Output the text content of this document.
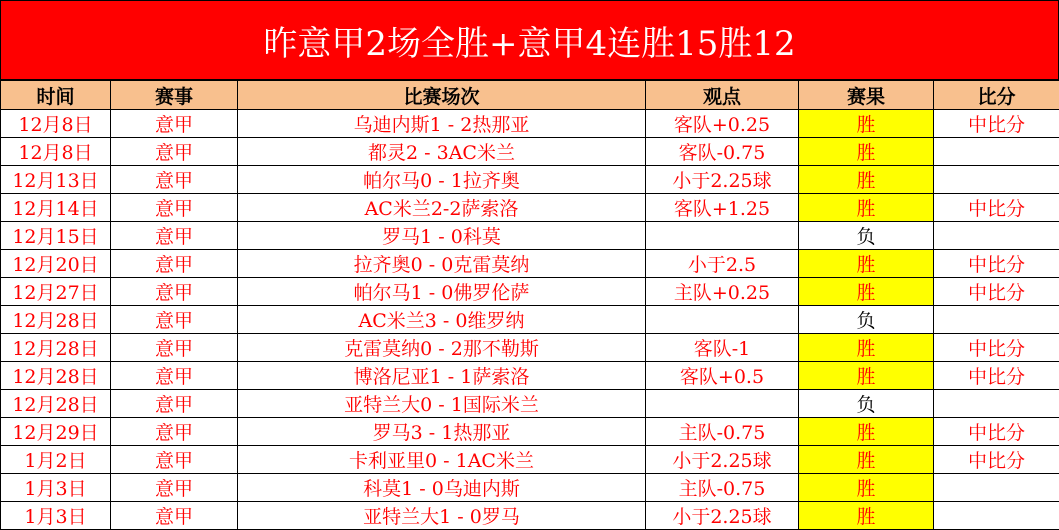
昨意甲2场全胜+意甲4连胜15胜12
时间	赛事	比赛场次	观点	赛果	比分
12月8日	意甲	乌迪内斯1 - 2热那亚	客队+0.25	胜	中比分
12月8日	意甲	都灵2 - 3AC米兰	客队-0.75	胜	
12月13日	意甲	帕尔马0 - 1拉齐奥	小于2.25球	胜	
12月14日	意甲	AC米兰2-2萨索洛	客队+1.25	胜	中比分
12月15日	意甲	罗马1 - 0科莫		负	
12月20日	意甲	拉齐奥0 - 0克雷莫纳	小于2.5	胜	中比分
12月27日	意甲	帕尔马1 - 0佛罗伦萨	主队+0.25	胜	中比分
12月28日	意甲	AC米兰3 - 0维罗纳		负	
12月28日	意甲	克雷莫纳0 - 2那不勒斯	客队-1	胜	中比分
12月28日	意甲	博洛尼亚1 - 1萨索洛	客队+0.5	胜	中比分
12月28日	意甲	亚特兰大0 - 1国际米兰		负	
12月29日	意甲	罗马3 - 1热那亚	主队-0.75	胜	中比分
1月2日	意甲	卡利亚里0 - 1AC米兰	小于2.25球	胜	中比分
1月3日	意甲	科莫1 - 0乌迪内斯	主队-0.75	胜	
1月3日	意甲	亚特兰大1 - 0罗马	小于2.25球	胜	
